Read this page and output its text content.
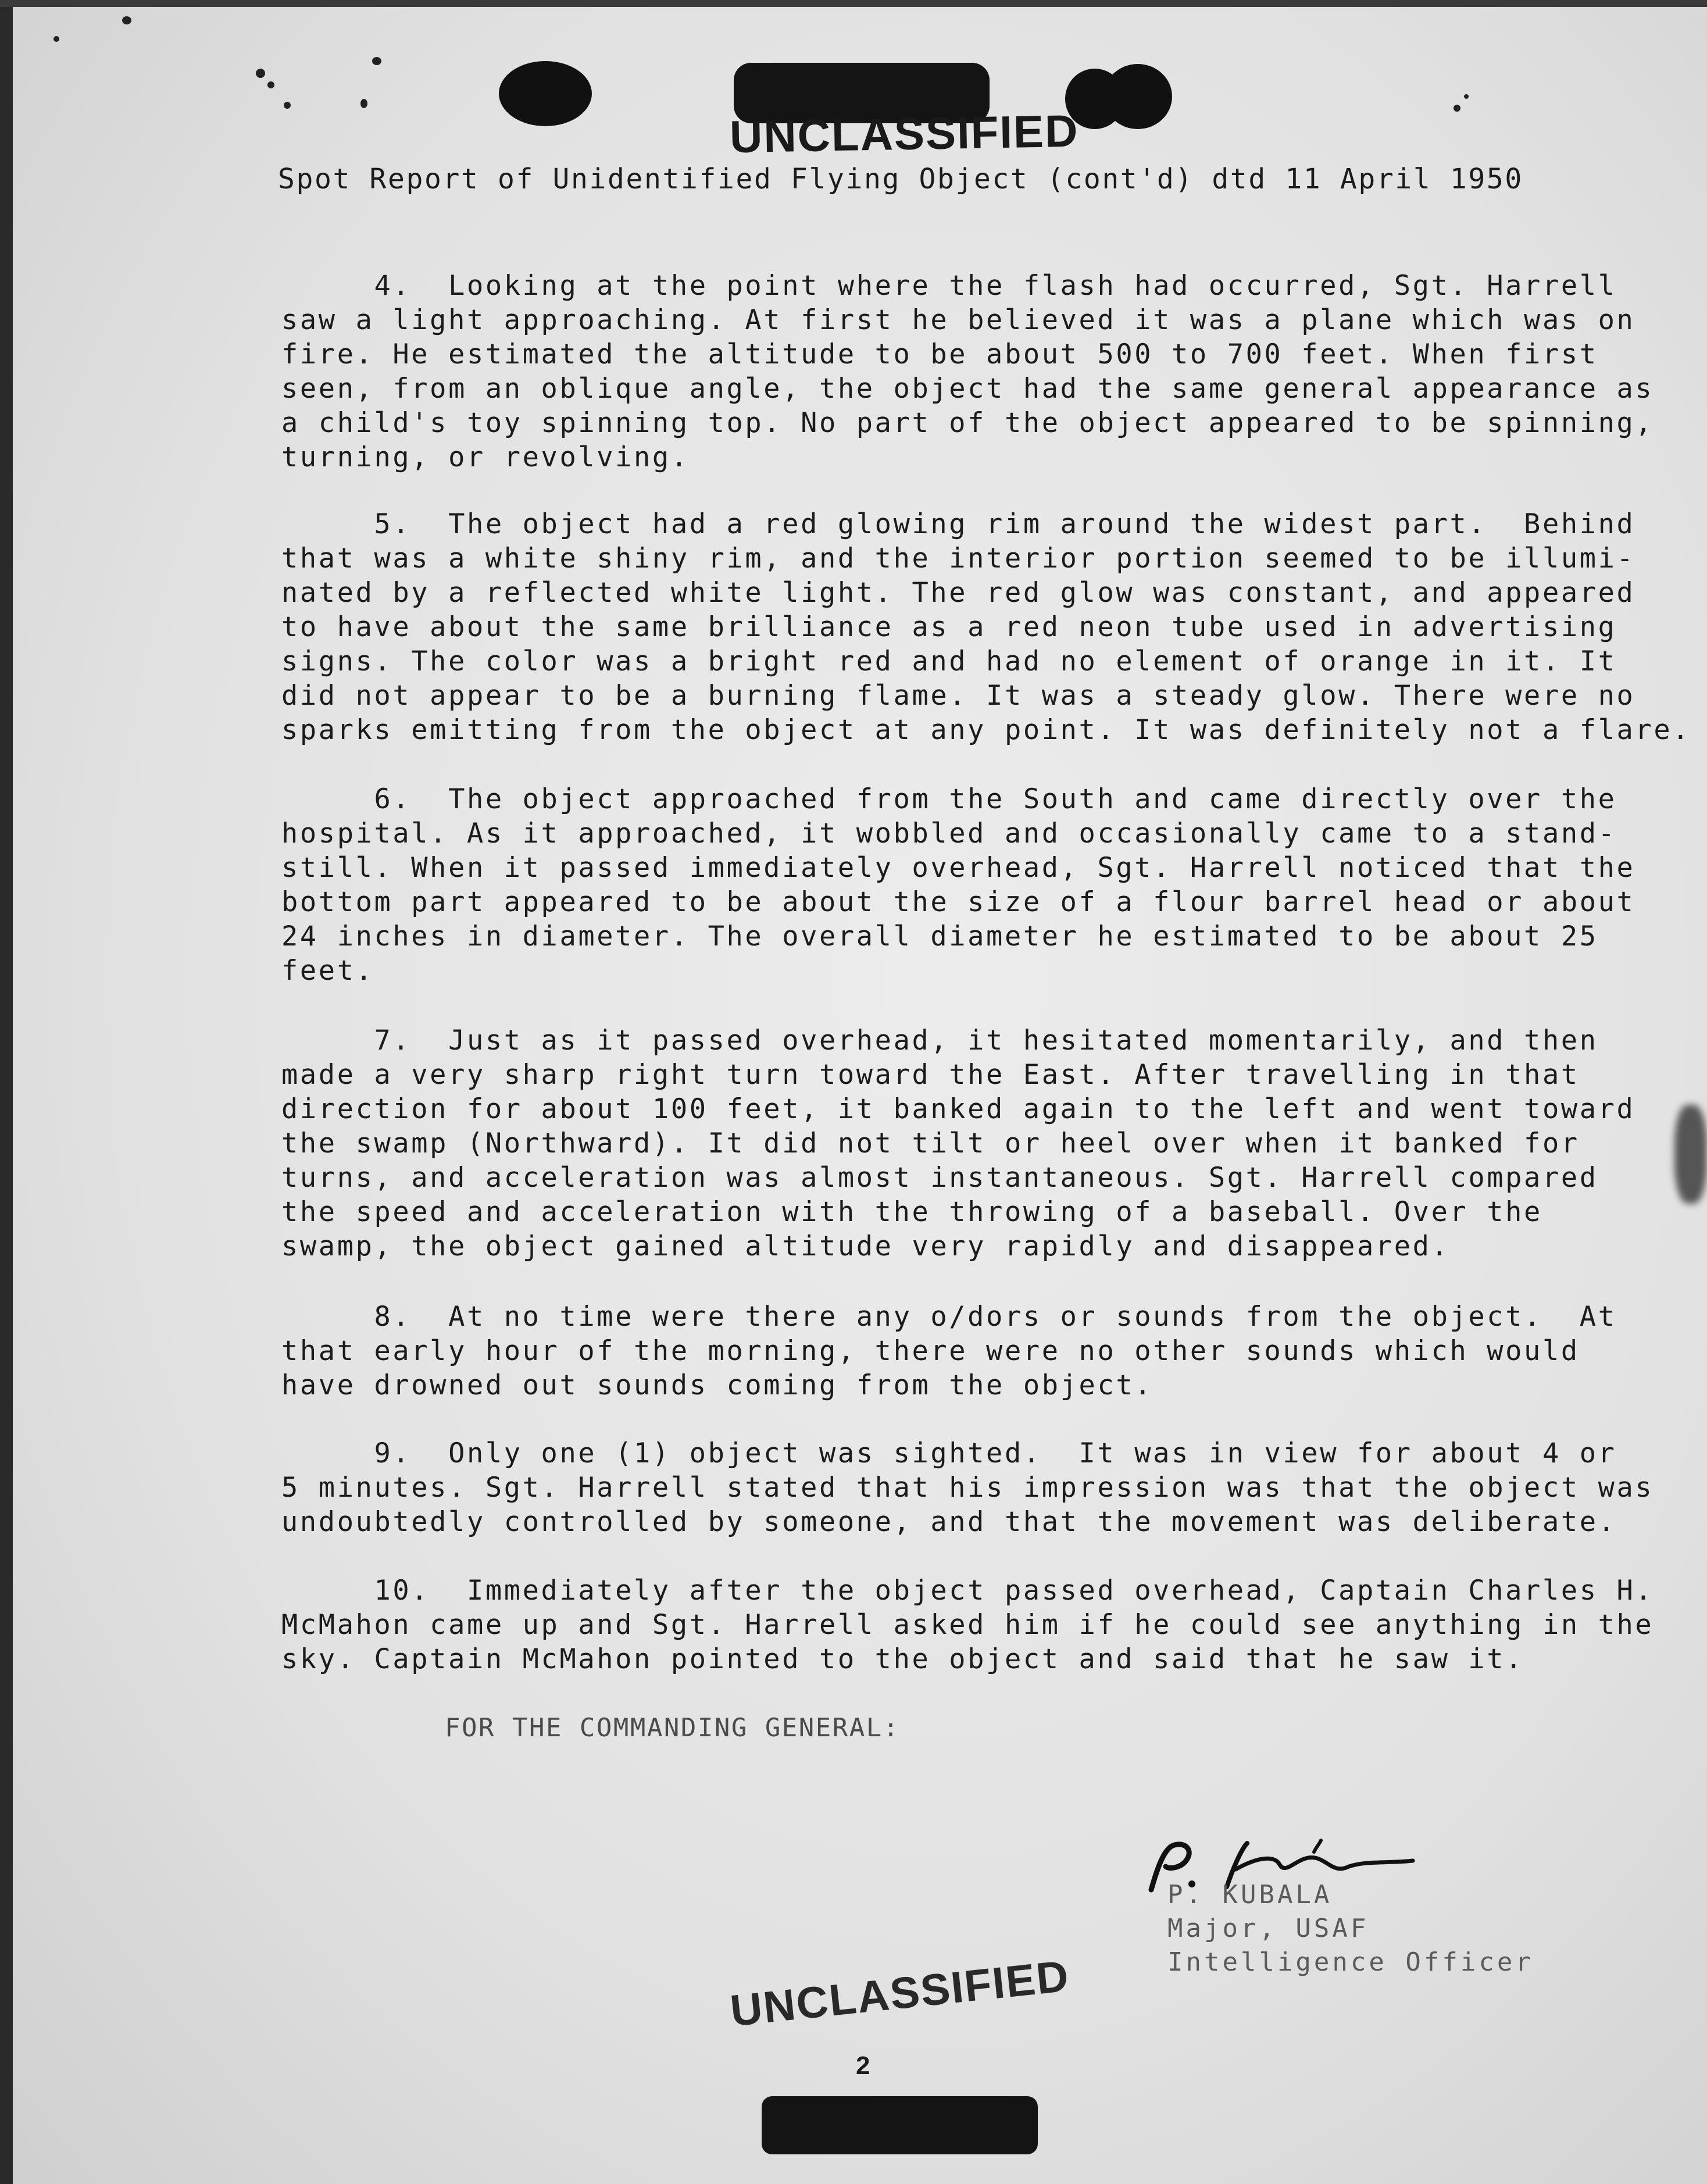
UNCLASSIFIED
Spot Report of Unidentified Flying Object (cont'd) dtd 11 April 1950
4.  Looking at the point where the flash had occurred, Sgt. Harrell
saw a light approaching. At first he believed it was a plane which was on
fire. He estimated the altitude to be about 500 to 700 feet. When first
seen, from an oblique angle, the object had the same general appearance as
a child's toy spinning top. No part of the object appeared to be spinning,
turning, or revolving.
5.  The object had a red glowing rim around the widest part.  Behind
that was a white shiny rim, and the interior portion seemed to be illumi-
nated by a reflected white light. The red glow was constant, and appeared
to have about the same brilliance as a red neon tube used in advertising
signs. The color was a bright red and had no element of orange in it. It
did not appear to be a burning flame. It was a steady glow. There were no
sparks emitting from the object at any point. It was definitely not a flare.
6.  The object approached from the South and came directly over the
hospital. As it approached, it wobbled and occasionally came to a stand-
still. When it passed immediately overhead, Sgt. Harrell noticed that the
bottom part appeared to be about the size of a flour barrel head or about
24 inches in diameter. The overall diameter he estimated to be about 25
feet.
7.  Just as it passed overhead, it hesitated momentarily, and then
made a very sharp right turn toward the East. After travelling in that
direction for about 100 feet, it banked again to the left and went toward
the swamp (Northward). It did not tilt or heel over when it banked for
turns, and acceleration was almost instantaneous. Sgt. Harrell compared
the speed and acceleration with the throwing of a baseball. Over the
swamp, the object gained altitude very rapidly and disappeared.
8.  At no time were there any o/dors or sounds from the object.  At
that early hour of the morning, there were no other sounds which would
have drowned out sounds coming from the object.
9.  Only one (1) object was sighted.  It was in view for about 4 or
5 minutes. Sgt. Harrell stated that his impression was that the object was
undoubtedly controlled by someone, and that the movement was deliberate.
10.  Immediately after the object passed overhead, Captain Charles H.
McMahon came up and Sgt. Harrell asked him if he could see anything in the
sky. Captain McMahon pointed to the object and said that he saw it.
FOR THE COMMANDING GENERAL:
P. KUBALA
Major, USAF
Intelligence Officer
UNCLASSIFIED
2
